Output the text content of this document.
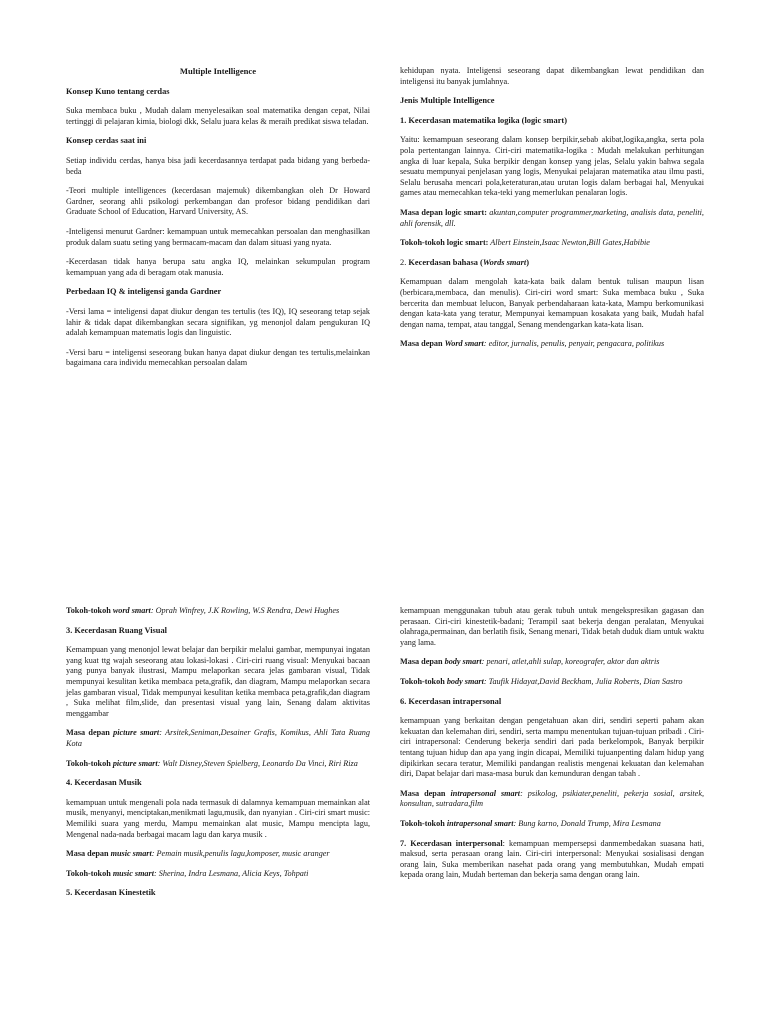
Multiple Intelligence
Konsep Kuno tentang cerdas

Suka membaca buku , Mudah dalam menyelesaikan soal matematika dengan cepat, Nilai tertinggi di pelajaran kimia, biologi dkk, Selalu juara kelas & meraih predikat siswa teladan.

Konsep cerdas saat ini

Setiap individu cerdas, hanya bisa jadi kecerdasannya terdapat pada bidang yang berbeda-beda

-Teori multiple intelligences (kecerdasan majemuk) dikembangkan oleh Dr Howard Gardner, seorang ahli psikologi perkembangan dan profesor bidang pendidikan dari Graduate School of Education, Harvard University, AS.

-Inteligensi menurut Gardner: kemampuan untuk memecahkan persoalan dan menghasilkan produk dalam suatu seting yang bermacam-macam dan dalam situasi yang nyata.

-Kecerdasan tidak hanya berupa satu angka IQ, melainkan sekumpulan program kemampuan yang ada di beragam otak manusia.

Perbedaan IQ & inteligensi ganda Gardner

-Versi lama = inteligensi dapat diukur dengan tes tertulis (tes IQ), IQ seseorang tetap sejak lahir & tidak dapat dikembangkan secara signifikan, yg menonjol dalam pengukuran IQ adalah kemampuan matematis logis dan linguistic.

-Versi baru = inteligensi seseorang bukan hanya dapat diukur dengan tes tertulis,melainkan bagaimana cara individu memecahkan persoalan dalam

kehidupan nyata. Inteligensi seseorang dapat dikembangkan lewat pendidikan dan inteligensi itu banyak jumlahnya.

Jenis Multiple Intelligence
1. Kecerdasan matematika logika (logic smart)

Yaitu: kemampuan seseorang dalam konsep berpikir,sebab akibat,logika,angka, serta pola pola pertentangan lainnya. Ciri-ciri matematika-logika : Mudah melakukan perhitungan angka di luar kepala, Suka berpikir dengan konsep yang jelas, Selalu yakin bahwa segala sesuatu mempunyai penjelasan yang logis, Menyukai pelajaran matematika atau ilmu pasti, Selalu berusaha mencari pola,keteraturan,atau urutan logis dalam berbagai hal, Menyukai games atau memecahkan teka-teki yang memerlukan penalaran logis.

Masa depan logic smart: akuntan,computer programmer,marketing, analisis data, peneliti, ahli forensik, dll.

Tokoh-tokoh logic smart: Albert Einstein,Isaac Newton,Bill Gates,Habibie

2. Kecerdasan bahasa (Words smart)

Kemampuan dalam mengolah kata-kata baik dalam bentuk tulisan maupun lisan (berbicara,membaca, dan menulis). Ciri-ciri word smart: Suka membaca buku , Suka bercerita dan membuat lelucon, Banyak perbendaharaan kata-kata, Mampu berkomunikasi dengan kata-kata yang teratur, Mempunyai kemampuan kosakata yang baik, Mudah hafal dengan nama, tempat, atau tanggal, Senang mendengarkan kata-kata lisan.

Masa depan Word smart: editor, jurnalis, penulis, penyair, pengacara, politikus

Tokoh-tokoh word smart: Oprah Winfrey, J.K Rowling, W.S Rendra, Dewi Hughes

3. Kecerdasan Ruang Visual

Kemampuan yang menonjol lewat belajar dan berpikir melalui gambar, mempunyai ingatan yang kuat ttg wajah seseorang atau lokasi-lokasi . Ciri-ciri ruang visual: Menyukai bacaan yang punya banyak ilustrasi, Mampu melaporkan secara jelas gambaran visual, Tidak mempunyai kesulitan ketika membaca peta,grafik, dan diagram, Mampu melaporkan secara jelas gambaran visual, Tidak mempunyai kesulitan ketika membaca peta,grafik,dan diagram , Suka melihat film,slide, dan presentasi visual yang lain, Senang dalam aktivitas menggambar

Masa depan picture smart: Arsitek,Seniman,Desainer Grafis, Komikus, Ahli Tata Ruang Kota

Tokoh-tokoh picture smart: Walt Disney,Steven Spielberg, Leonardo Da Vinci, Riri Riza

4. Kecerdasan Musik

kemampuan untuk mengenali pola nada termasuk di dalamnya kemampuan memainkan alat musik, menyanyi, menciptakan,menikmati lagu,musik, dan nyanyian . Ciri-ciri smart music: Memiliki suara yang merdu, Mampu memainkan alat music, Mampu mencipta lagu, Mengenal nada-nada berbagai macam lagu dan karya musik .

Masa depan music smart: Pemain musik,penulis lagu,komposer, music aranger

Tokoh-tokoh music smart: Sherina, Indra Lesmana, Alicia Keys, Tohpati

5. Kecerdasan Kinestetik

kemampuan menggunakan tubuh atau gerak tubuh untuk mengekspresikan gagasan dan perasaan. Ciri-ciri kinestetik-badani; Terampil saat bekerja dengan peralatan, Menyukai olahraga,permainan, dan berlatih fisik, Senang menari, Tidak betah duduk diam untuk waktu yang lama.

Masa depan body smart: penari, atlet,ahli sulap, koreografer, aktor dan aktris

Tokoh-tokoh body smart: Taufik Hidayat,David Beckham, Julia Roberts, Dian Sastro

6. Kecerdasan intrapersonal

kemampuan yang berkaitan dengan pengetahuan akan diri, sendiri seperti paham akan kekuatan dan kelemahan diri, sendiri, serta mampu menentukan tujuan-tujuan pribadi . Ciri-ciri intrapersonal: Cenderung bekerja sendiri dari pada berkelompok, Banyak berpikir tentang tujuan hidup dan apa yang ingin dicapai, Memiliki tujuanpenting dalam hidup yang dipikirkan secara teratur, Memiliki pandangan realistis mengenai kekuatan dan kelemahan diri, Dapat belajar dari masa-masa buruk dan kemunduran dengan tabah .

Masa depan intrapersonal smart: psikolog, psikiater,peneliti, pekerja sosial, arsitek, konsultan, sutradara,film

Tokoh-tokoh intrapersonal smart: Bung karno, Donald Trump, Mira Lesmana

7. Kecerdasan interpersonal: kemampuan mempersepsi danmembedakan suasana hati, maksud, serta perasaan orang lain. Ciri-ciri interpersonal: Menyukai sosialisasi dengan orang lain, Suka memberikan nasehat pada orang yang membutuhkan, Mudah empati kepada orang lain, Mudah berteman dan bekerja sama dengan orang lain.
